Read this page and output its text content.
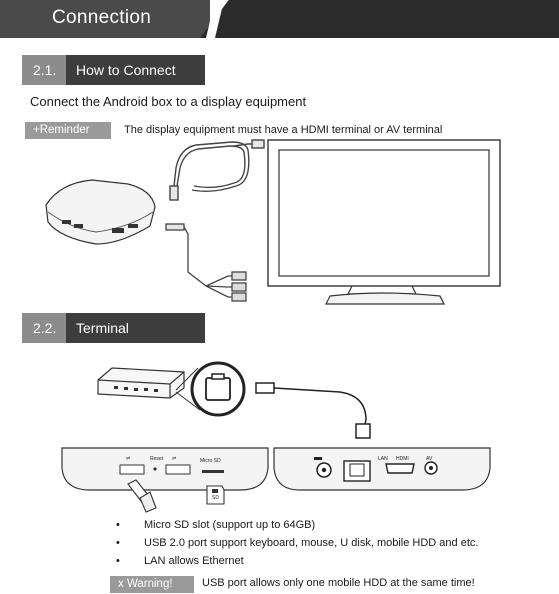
Connection
2.1.	How to Connect
Connect the Android box to a display equipment
+Reminder	The display equipment must have a HDMI terminal or AV terminal
2.2.	Terminal
⇌	⇌
Reset	Micro SD
SD
LAN HDMI	AV
• Micro SD slot (support up to 64GB)
• USB 2.0 port support keyboard, mouse, U disk, mobile HDD and etc.
• LAN allows Ethernet
x Warning!	USB port allows only one mobile HDD at the same time!
